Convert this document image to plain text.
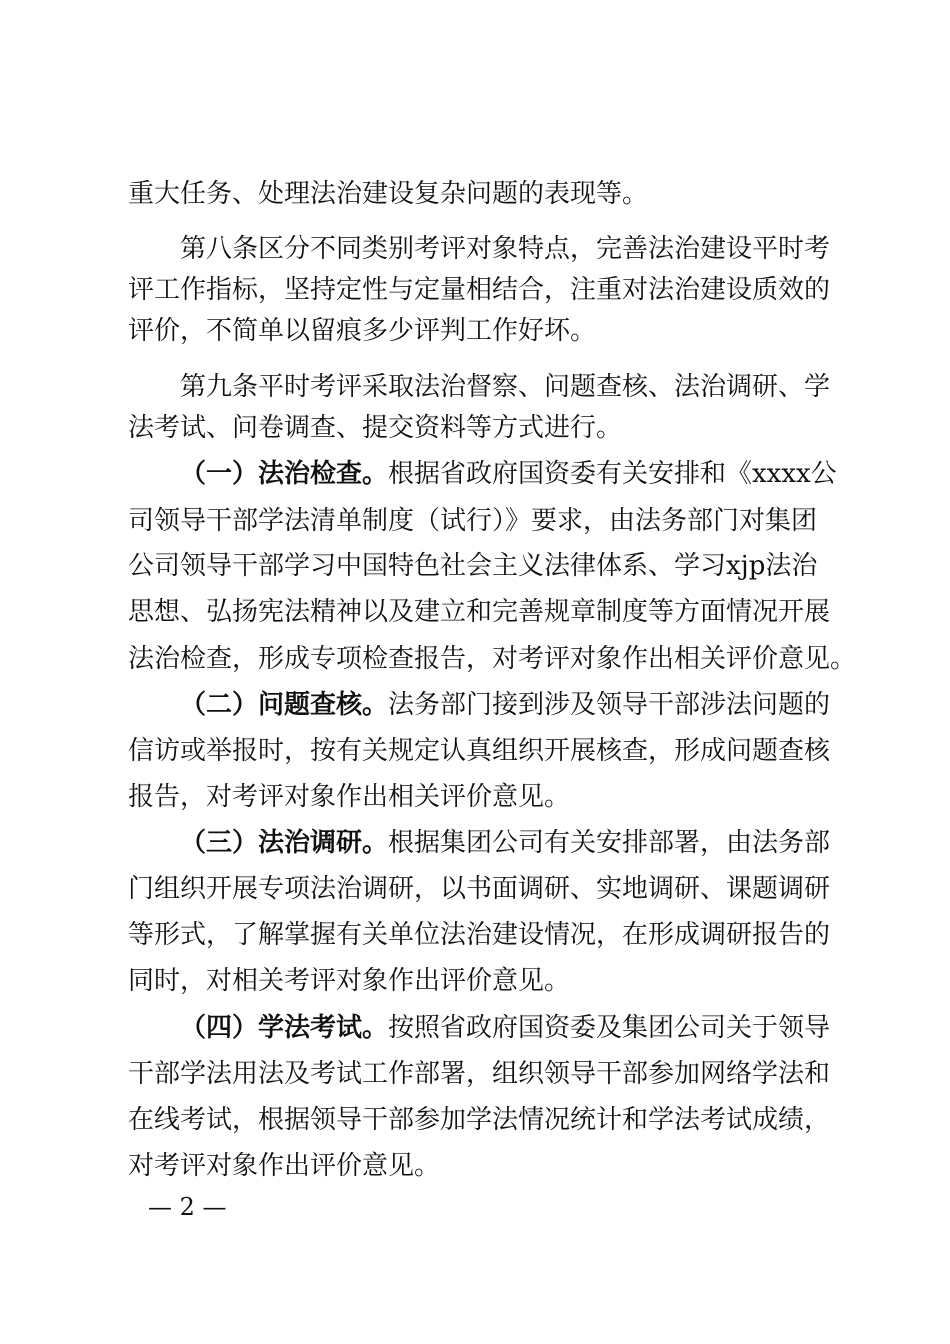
重大任务、处理法治建设复杂问题的表现等。
第八条区分不同类别考评对象特点，完善法治建设平时考
评工作指标，坚持定性与定量相结合，注重对法治建设质效的
评价，不简单以留痕多少评判工作好坏。
第九条平时考评采取法治督察、问题查核、法治调研、学
法考试、问卷调查、提交资料等方式进行。
（一）法治检查。根据省政府国资委有关安排和《xxxx公
司领导干部学法清单制度（试行）》要求，由法务部门对集团
公司领导干部学习中国特色社会主义法律体系、学习xjp法治
思想、弘扬宪法精神以及建立和完善规章制度等方面情况开展
法治检查，形成专项检查报告，对考评对象作出相关评价意见。
（二）问题查核。法务部门接到涉及领导干部涉法问题的
信访或举报时，按有关规定认真组织开展核查，形成问题查核
报告，对考评对象作出相关评价意见。
（三）法治调研。根据集团公司有关安排部署，由法务部
门组织开展专项法治调研，以书面调研、实地调研、课题调研
等形式，了解掌握有关单位法治建设情况，在形成调研报告的
同时，对相关考评对象作出评价意见。
（四）学法考试。按照省政府国资委及集团公司关于领导
干部学法用法及考试工作部署，组织领导干部参加网络学法和
在线考试，根据领导干部参加学法情况统计和学法考试成绩，
对考评对象作出评价意见。
— 2 —
